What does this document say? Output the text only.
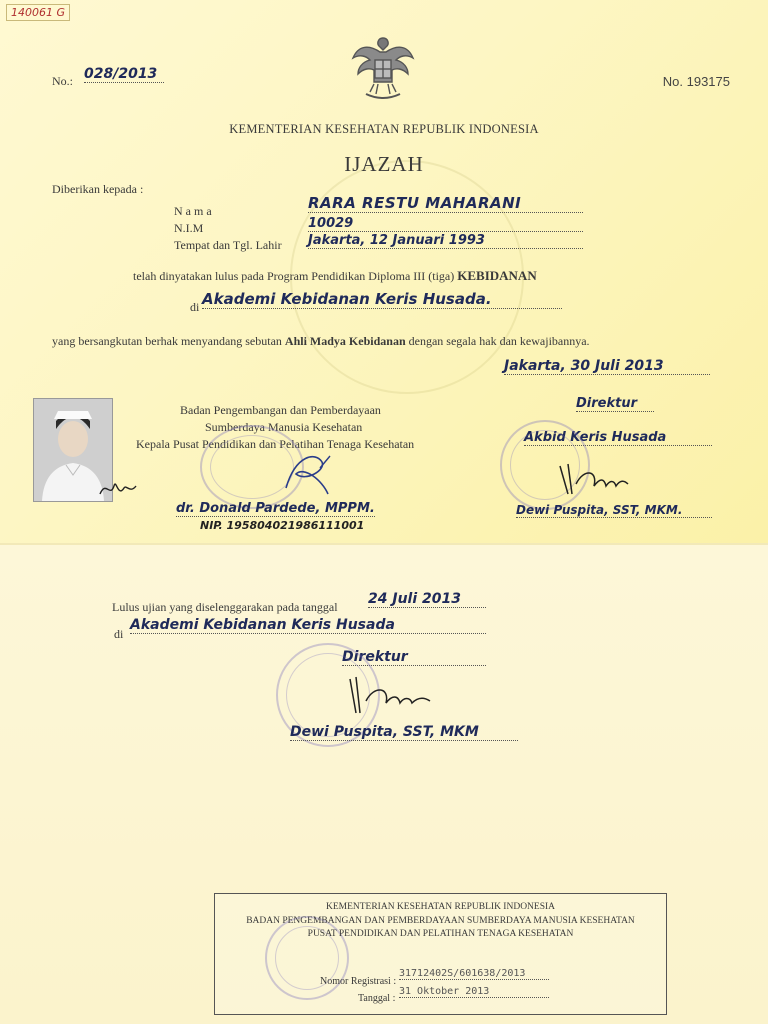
140061 G
No.: 028/2013	No. 193175
KEMENTERIAN KESEHATAN REPUBLIK INDONESIA
IJAZAH
Diberikan kepada :
N a m a	RARA RESTU MAHARANI
N.I.M	10029
Tempat dan Tgl. Lahir Jakarta, 12 Januari 1993
telah dinyatakan lulus pada Program Pendidikan Diploma III (tiga) KEBIDANAN
di Akademi Kebidanan Keris Husada.
yang bersangkutan berhak menyandang sebutan Ahli Madya Kebidanan dengan segala hak dan kewajibannya.
Jakarta, 30 Juli 2013
Badan Pengembangan dan Pemberdayaan
Sumberdaya Manusia Kesehatan
Kepala Pusat Pendidikan dan Pelatihan Tenaga Kesehatan
dr. Donald Pardede, MPPM.
NIP. 195804021986111001
Direktur
Akbid Keris Husada
Dewi Puspita, SST, MKM.
Lulus ujian yang diselenggarakan pada tanggal 24 Juli 2013
di
Akademi Kebidanan Keris Husada
Direktur
Dewi Puspita, SST, MKM
KEMENTERIAN KESEHATAN REPUBLIK INDONESIA
BADAN PENGEMBANGAN DAN PEMBERDAYAAN SUMBERDAYA MANUSIA KESEHATAN
PUSAT PENDIDIKAN DAN PELATIHAN TENAGA KESEHATAN
Nomor Registrasi :
31712402S/601638/2013
Tanggal :
31 Oktober 2013
